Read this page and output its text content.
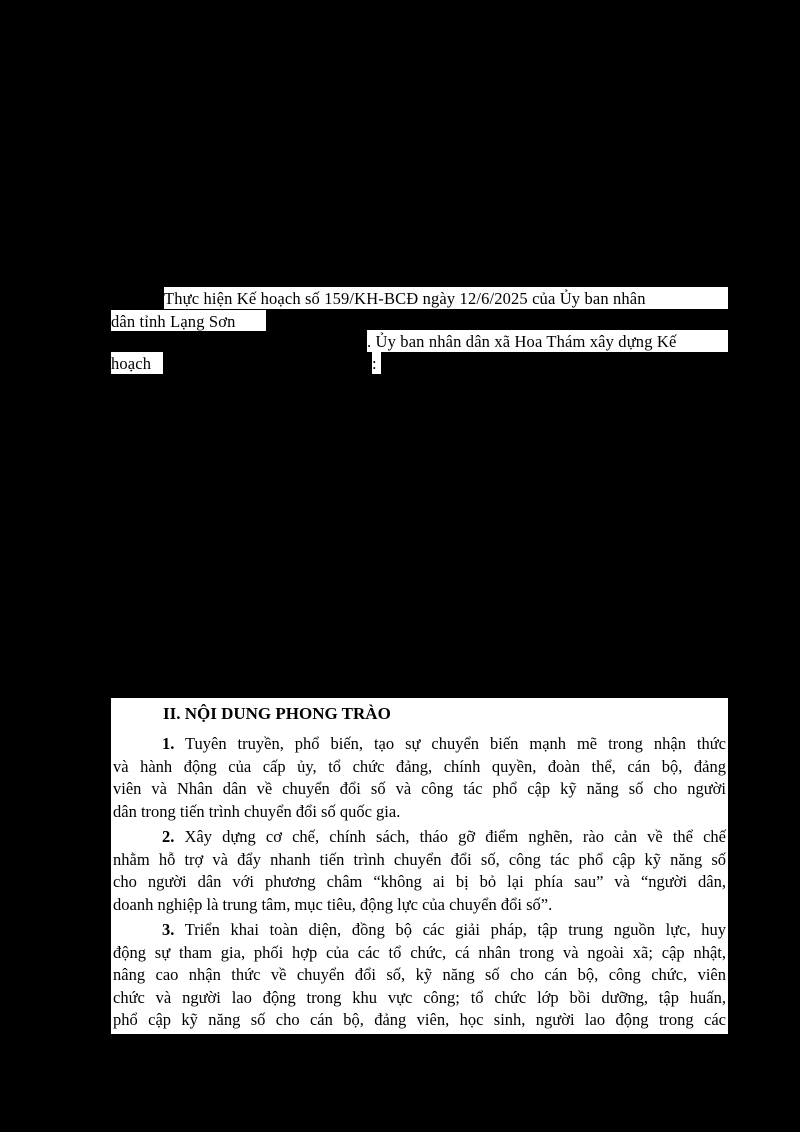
Thực hiện Kế hoạch số 159/KH-BCĐ ngày 12/6/2025 của Ủy ban nhân
dân tỉnh Lạng Sơn
. Ủy ban nhân dân xã Hoa Thám xây dựng Kế
hoạch	:
II. NỘI DUNG PHONG TRÀO
1. Tuyên truyền, phổ biến, tạo sự chuyển biến mạnh mẽ trong nhận thức
và hành động của cấp ủy, tổ chức đảng, chính quyền, đoàn thể, cán bộ, đảng
viên và Nhân dân về chuyển đổi số và công tác phổ cập kỹ năng số cho người
dân trong tiến trình chuyển đổi số quốc gia.
2. Xây dựng cơ chế, chính sách, tháo gỡ điểm nghẽn, rào cản về thể chế
nhằm hỗ trợ và đẩy nhanh tiến trình chuyển đổi số, công tác phổ cập kỹ năng số
cho người dân với phương châm “không ai bị bỏ lại phía sau” và “người dân,
doanh nghiệp là trung tâm, mục tiêu, động lực của chuyển đổi số”.
3. Triển khai toàn diện, đồng bộ các giải pháp, tập trung nguồn lực, huy
động sự tham gia, phối hợp của các tổ chức, cá nhân trong và ngoài xã; cập nhật,
nâng cao nhận thức về chuyển đổi số, kỹ năng số cho cán bộ, công chức, viên
chức và người lao động trong khu vực công; tổ chức lớp bồi dưỡng, tập huấn,
phổ cập kỹ năng số cho cán bộ, đảng viên, học sinh, người lao động trong các
